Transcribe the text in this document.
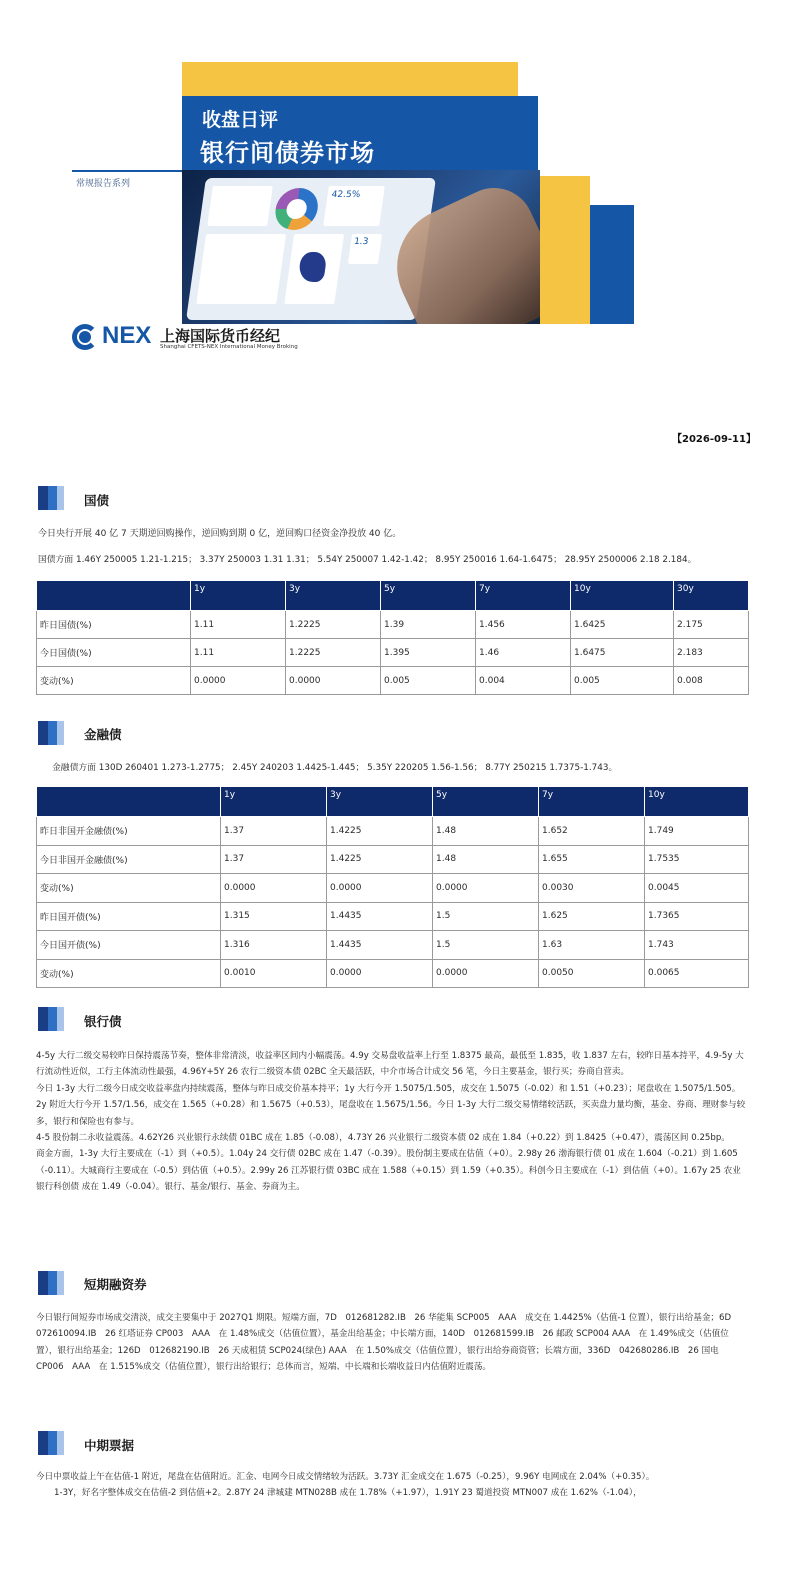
收盘日评
银行间债券市场
常规报告系列
42.5%
1.3
NEX 上海国际货币经纪
Shanghai CFETS-NEX International Money Broking
【2026-09-11】
国债
今日央行开展 40 亿 7 天期逆回购操作，逆回购到期 0 亿，逆回购口径资金净投放 40 亿。
国债方面 1.46Y 250005 1.21-1.215； 3.37Y 250003 1.31 1.31； 5.54Y 250007 1.42-1.42； 8.95Y 250016 1.64-1.6475； 28.95Y 2500006 2.18 2.184。
	1y	3y	5y	7y	10y	30y
昨日国债(%)	1.11	1.2225	1.39	1.456	1.6425	2.175
今日国债(%)	1.11	1.2225	1.395	1.46	1.6475	2.183
变动(%)	0.0000	0.0000	0.005	0.004	0.005	0.008
金融债
金融债方面 130D 260401 1.273-1.2775； 2.45Y 240203 1.4425-1.445； 5.35Y 220205 1.56-1.56； 8.77Y 250215 1.7375-1.743。
	1y	3y	5y	7y	10y
昨日非国开金融债(%)	1.37	1.4225	1.48	1.652	1.749
今日非国开金融债(%)	1.37	1.4225	1.48	1.655	1.7535
变动(%)	0.0000	0.0000	0.0000	0.0030	0.0045
昨日国开债(%)	1.315	1.4435	1.5	1.625	1.7365
今日国开债(%)	1.316	1.4435	1.5	1.63	1.743
变动(%)	0.0010	0.0000	0.0000	0.0050	0.0065
银行债
4-5y 大行二级交易较昨日保持震荡节奏，整体非常清淡，收益率区间内小幅震荡。4.9y 交易盘收益率上行至 1.8375 最高，最低至 1.835，收 1.837 左右，较昨日基本持平，4.9-5y 大行流动性近似，工行主体流动性最强，4.96Y+5Y 26 农行二级资本债 02BC 全天最活跃，中介市场合计成交 56 笔，今日主要基金，银行买；券商自营卖。
今日 1-3y 大行二级今日成交收益率盘内持续震荡，整体与昨日成交价基本持平；1y 大行今开 1.5075/1.505，成交在 1.5075（-0.02）和 1.51（+0.23）；尾盘收在 1.5075/1.505。2y 附近大行今开 1.57/1.56，成交在 1.565（+0.28）和 1.5675（+0.53），尾盘收在 1.5675/1.56。今日 1-3y 大行二级交易情绪较活跃，买卖盘力量均衡，基金、券商、理财参与较多，银行和保险也有参与。
4-5 股份制二永收益震荡。4.62Y26 兴业银行永续债 01BC 成在 1.85（-0.08），4.73Y 26 兴业银行二级资本债 02 成在 1.84（+0.22）到 1.8425（+0.47），震荡区间 0.25bp。
商金方面，1-3y 大行主要成在（-1）到（+0.5）。1.04y 24 交行债 02BC 成在 1.47（-0.39）。股份制主要成在估值（+0）。2.98y 26 渤海银行债 01 成在 1.604（-0.21）到 1.605（-0.11）。大城商行主要成在（-0.5）到估值（+0.5）。2.99y 26 江苏银行债 03BC 成在 1.588（+0.15）到 1.59（+0.35）。科创今日主要成在（-1）到估值（+0）。1.67y 25 农业银行科创债 成在 1.49（-0.04）。银行、基金/银行、基金、券商为主。
短期融资券
今日银行间短券市场成交清淡，成交主要集中于 2027Q1 期限。短端方面，7D　012681282.IB　26 华能集 SCP005　AAA　成交在 1.4425%（估值-1 位置），银行出给基金；6D　072610094.IB　26 红塔证券 CP003　AAA　在 1.48%成交（估值位置），基金出给基金；中长端方面，140D　012681599.IB　26 邮政 SCP004 AAA　在 1.49%成交（估值位置），银行出给基金；126D　012682190.IB　26 天成租赁 SCP024(绿色) AAA　在 1.50%成交（估值位置），银行出给券商资管；长端方面，336D　042680286.IB　26 国电 CP006　AAA　在 1.515%成交（估值位置），银行出给银行；总体而言，短端、中长端和长端收益日内估值附近震荡。
中期票据
今日中票收益上午在估值-1 附近，尾盘在估值附近。汇金、电网今日成交情绪较为活跃。3.73Y 汇金成交在 1.675（-0.25），9.96Y 电网成在 2.04%（+0.35）。
1-3Y，好名字整体成交在估值-2 到估值+2。2.87Y 24 津城建 MTN028B 成在 1.78%（+1.97），1.91Y 23 蜀道投资 MTN007 成在 1.62%（-1.04），
